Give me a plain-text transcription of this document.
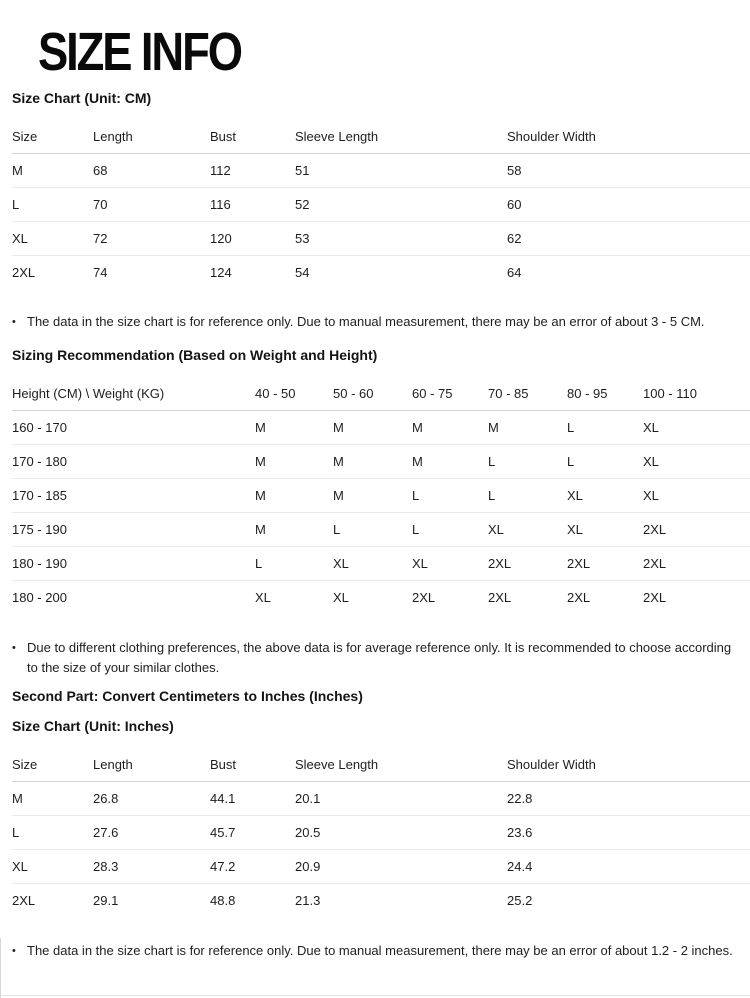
SIZE INFO
Size Chart (Unit: CM)
Size	Length	Bust	Sleeve Length	Shoulder Width
M	68	112	51	58
L	70	116	52	60
XL	72	120	53	62
2XL	74	124	54	64
• The data in the size chart is for reference only. Due to manual measurement, there may be an error of about 3 - 5 CM.
Sizing Recommendation (Based on Weight and Height)
Height (CM) \ Weight (KG)	40 - 50	50 - 60	60 - 75	70 - 85	80 - 95	100 - 110
160 - 170	M	M	M	M	L	XL
170 - 180	M	M	M	L	L	XL
170 - 185	M	M	L	L	XL	XL
175 - 190	M	L	L	XL	XL	2XL
180 - 190	L	XL	XL	2XL	2XL	2XL
180 - 200	XL	XL	2XL	2XL	2XL	2XL
• Due to different clothing preferences, the above data is for average reference only. It is recommended to choose according to the size of your similar clothes.
Second Part: Convert Centimeters to Inches (Inches)
Size Chart (Unit: Inches)
Size	Length	Bust	Sleeve Length	Shoulder Width
M	26.8	44.1	20.1	22.8
L	27.6	45.7	20.5	23.6
XL	28.3	47.2	20.9	24.4
2XL	29.1	48.8	21.3	25.2
• The data in the size chart is for reference only. Due to manual measurement, there may be an error of about 1.2 - 2 inches.
